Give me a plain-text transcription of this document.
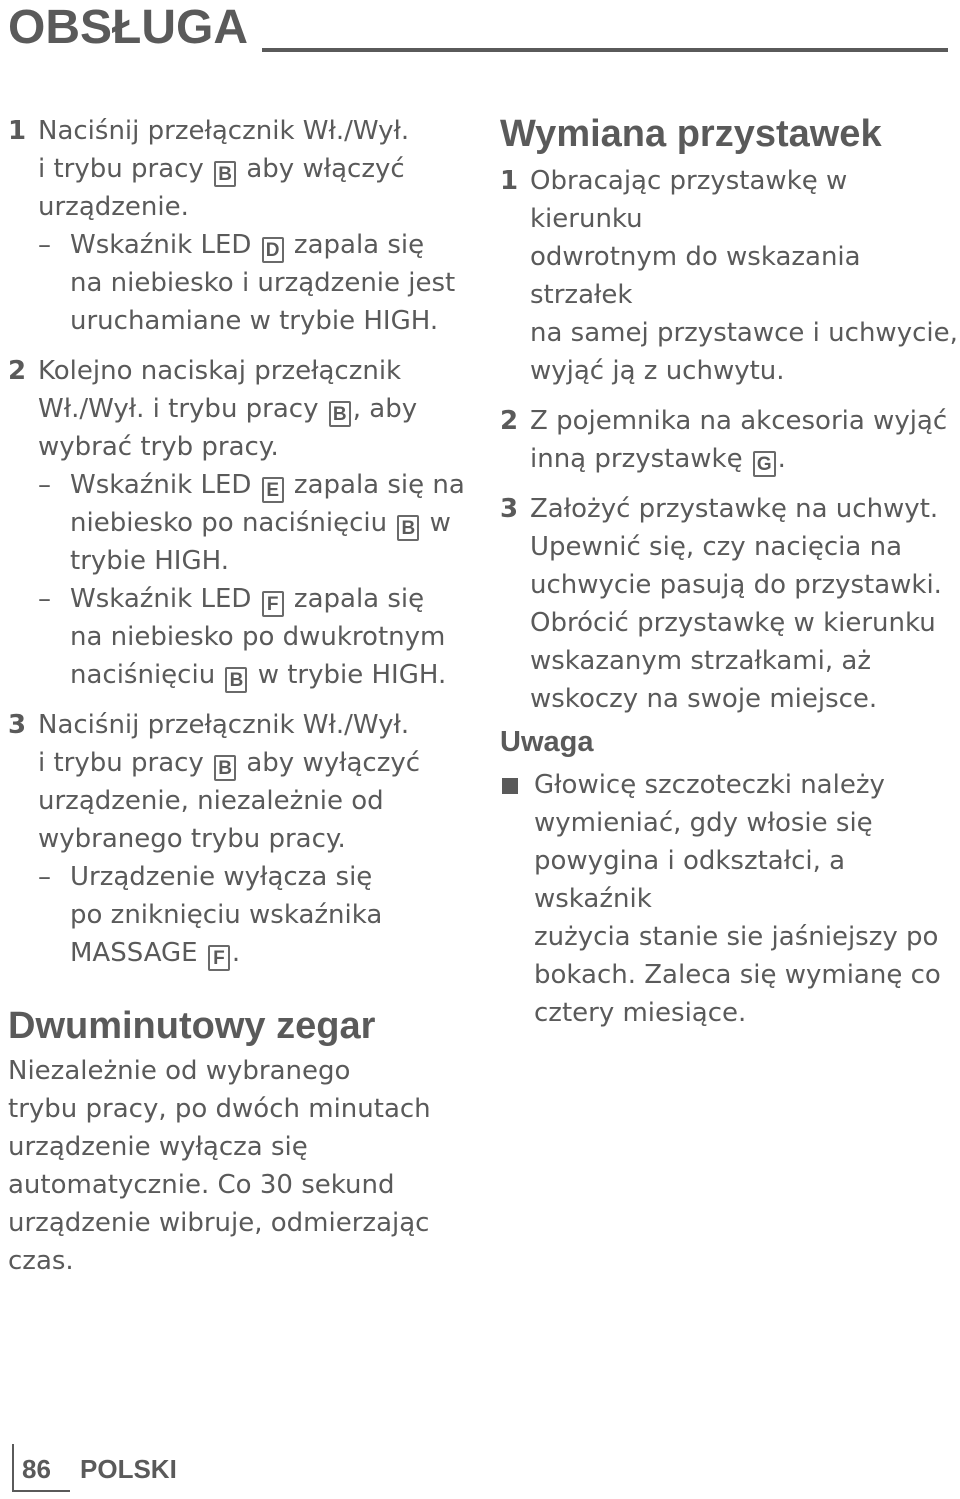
OBSŁUGA
1 Naciśnij przełącznik Wł./Wył.
i trybu pracy B aby włączyć
urządzenie.
– Wskaźnik LED D zapala się
na niebiesko i urządzenie jest
uruchamiane w trybie HIGH.
2 Kolejno naciskaj przełącznik
Wł./Wył. i trybu pracy B , aby
wybrać tryb pracy.
– Wskaźnik LED E zapala się na
niebiesko po naciśnięciu B w
trybie HIGH.
– Wskaźnik LED F zapala się
na niebiesko po dwukrotnym
naciśnięciu B w trybie HIGH.
3 Naciśnij przełącznik Wł./Wył.
i trybu pracy B aby wyłączyć
urządzenie, niezależnie od
wybranego trybu pracy.
– Urządzenie wyłącza się
po zniknięciu wskaźnika
MASSAGE F .
Dwuminutowy zegar
Niezależnie od wybranego
trybu pracy, po dwóch minutach
urządzenie wyłącza się
automatycznie. Co 30 sekund
urządzenie wibruje, odmierzając
czas.
Wymiana przystawek
1 Obracając przystawkę w kierunku
odwrotnym do wskazania strzałek
na samej przystawce i uchwycie,
wyjąć ją z uchwytu.
2 Z pojemnika na akcesoria wyjąć
inną przystawkę G .
3 Założyć przystawkę na uchwyt.
Upewnić się, czy nacięcia na
uchwycie pasują do przystawki.
Obrócić przystawkę w kierunku
wskazanym strzałkami, aż
wskoczy na swoje miejsce.
Uwaga
Głowicę szczoteczki należy
wymieniać, gdy włosie się
powygina i odkształci, a wskaźnik
zużycia stanie sie jaśniejszy po
bokach. Zaleca się wymianę co
cztery miesiące.
86 POLSKI
